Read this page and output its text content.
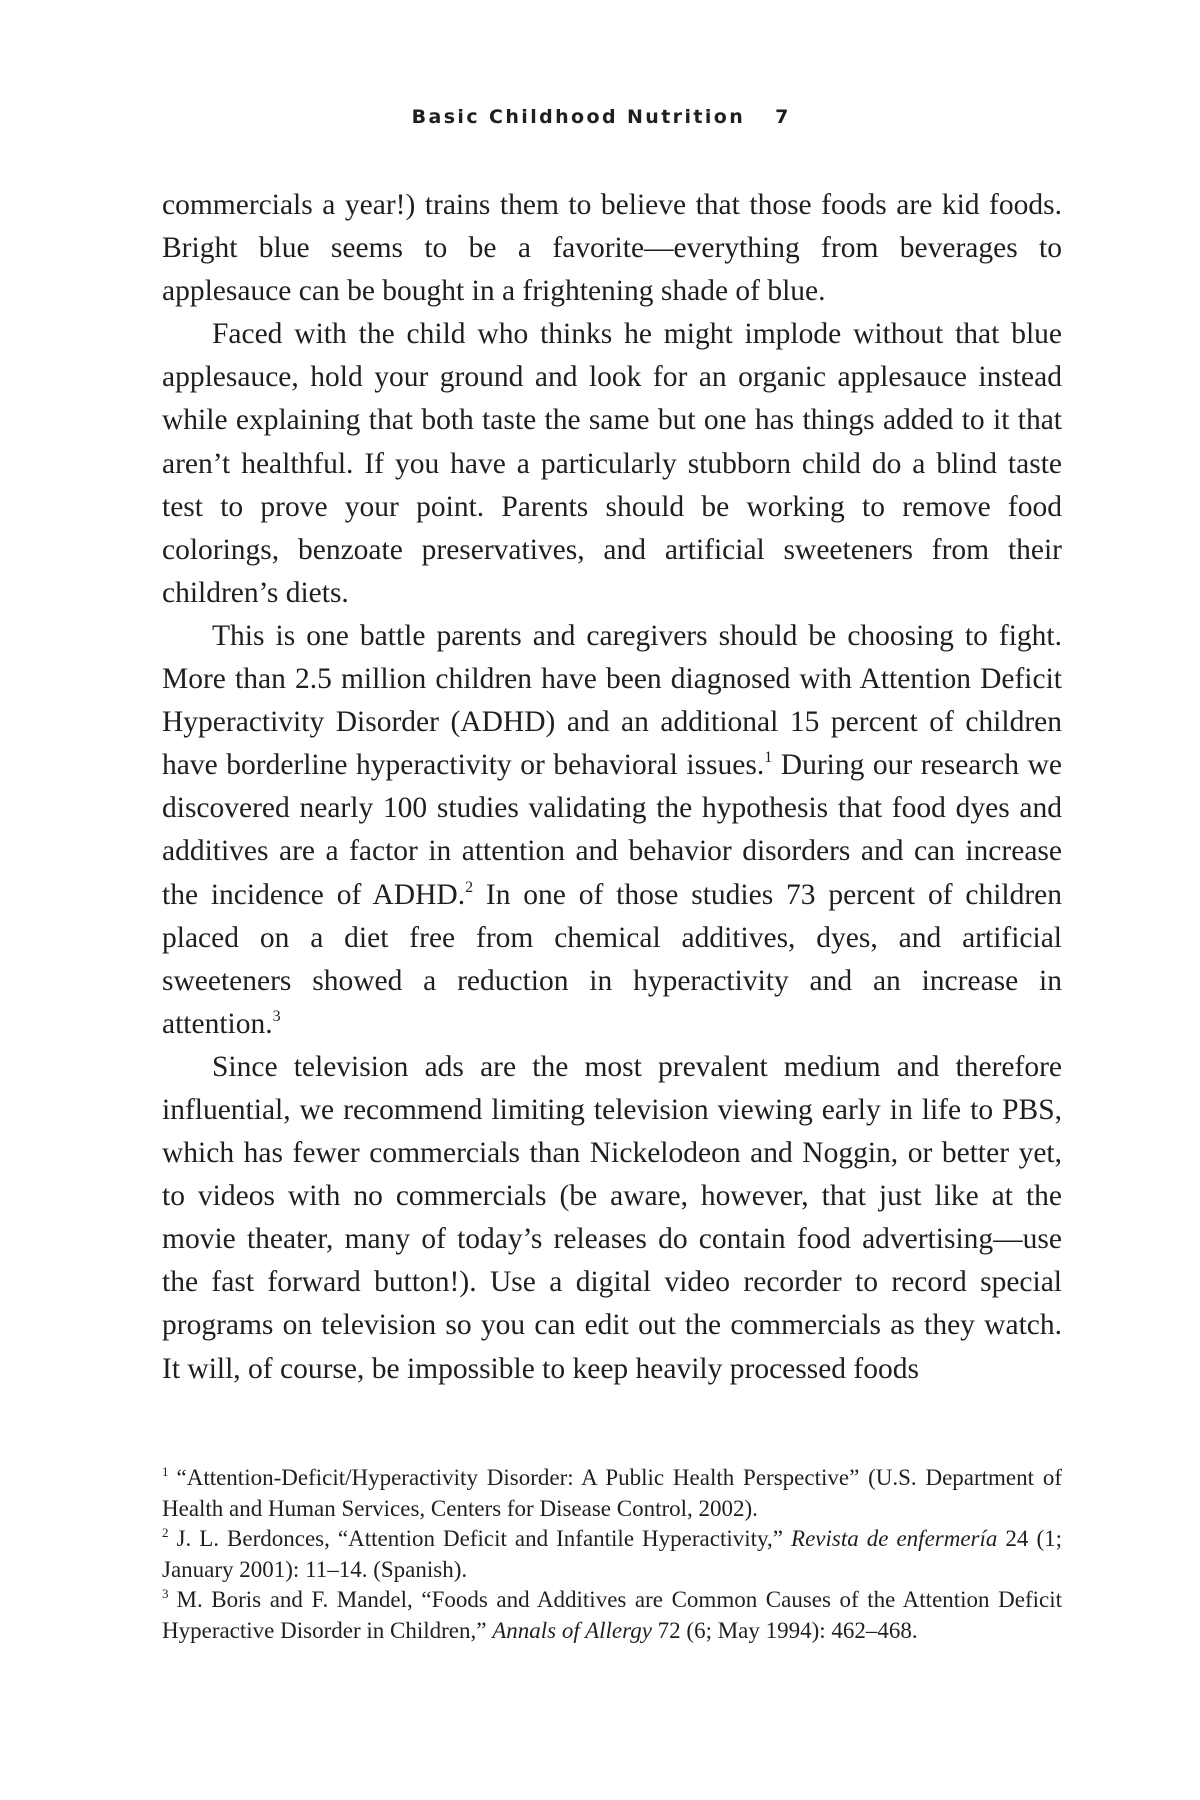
Basic Childhood Nutrition 7

commercials a year!) trains them to believe that those foods are kid foods. Bright blue seems to be a favorite—everything from beverages to applesauce can be bought in a frightening shade of blue.

Faced with the child who thinks he might implode without that blue applesauce, hold your ground and look for an organic applesauce instead while explaining that both taste the same but one has things added to it that aren’t healthful. If you have a particularly stubborn child do a blind taste test to prove your point. Parents should be working to remove food colorings, benzoate preservatives, and artificial sweeteners from their children’s diets.

This is one battle parents and caregivers should be choosing to fight. More than 2.5 million children have been diagnosed with Attention Deficit Hyperactivity Disorder (ADHD) and an additional 15 percent of children have borderline hyperactivity or behavioral issues.$^1$ During our research we discovered nearly 100 studies validating the hypothesis that food dyes and additives are a factor in attention and behavior disorders and can increase the incidence of ADHD.$^2$ In one of those studies 73 percent of children placed on a diet free from chemical additives, dyes, and artificial sweeteners showed a reduction in hyperactivity and an increase in attention.$^3$

Since television ads are the most prevalent medium and therefore influential, we recommend limiting television viewing early in life to PBS, which has fewer commercials than Nickelodeon and Noggin, or better yet, to videos with no commercials (be aware, however, that just like at the movie theater, many of today’s releases do contain food advertising—use the fast forward button!). Use a digital video recorder to record special programs on television so you can edit out the commercials as they watch. It will, of course, be impossible to keep heavily processed foods

$^1$ “Attention-Deficit/Hyperactivity Disorder: A Public Health Perspective” (U.S. Department of Health and Human Services, Centers for Disease Control, 2002).

$^2$ J. L. Berdonces, “Attention Deficit and Infantile Hyperactivity,” Revista de enfermería 24 (1; January 2001): 11–14. (Spanish).

$^3$ M. Boris and F. Mandel, “Foods and Additives are Common Causes of the Attention Deficit Hyperactive Disorder in Children,” Annals of Allergy 72 (6; May 1994): 462–468.
